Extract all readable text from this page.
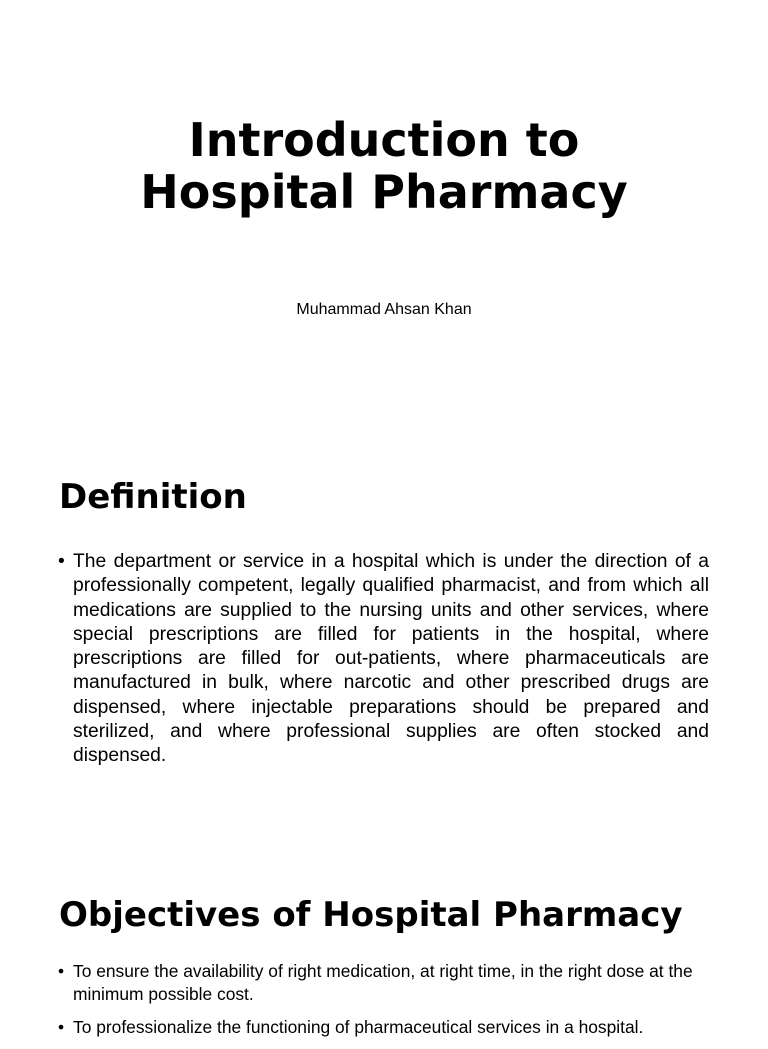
Introduction to
Hospital Pharmacy

Muhammad Ahsan Khan

Definition
• The department or service in a hospital which is under the direction of a professionally competent, legally qualified pharmacist, and from which all medications are supplied to the nursing units and other services, where special prescriptions are filled for patients in the hospital, where prescriptions are filled for out-patients, where pharmaceuticals are manufactured in bulk, where narcotic and other prescribed drugs are dispensed, where injectable preparations should be prepared and sterilized, and where professional supplies are often stocked and dispensed.
Objectives of Hospital Pharmacy
• To ensure the availability of right medication, at right time, in the right dose at the minimum possible cost.
• To professionalize the functioning of pharmaceutical services in a hospital.
